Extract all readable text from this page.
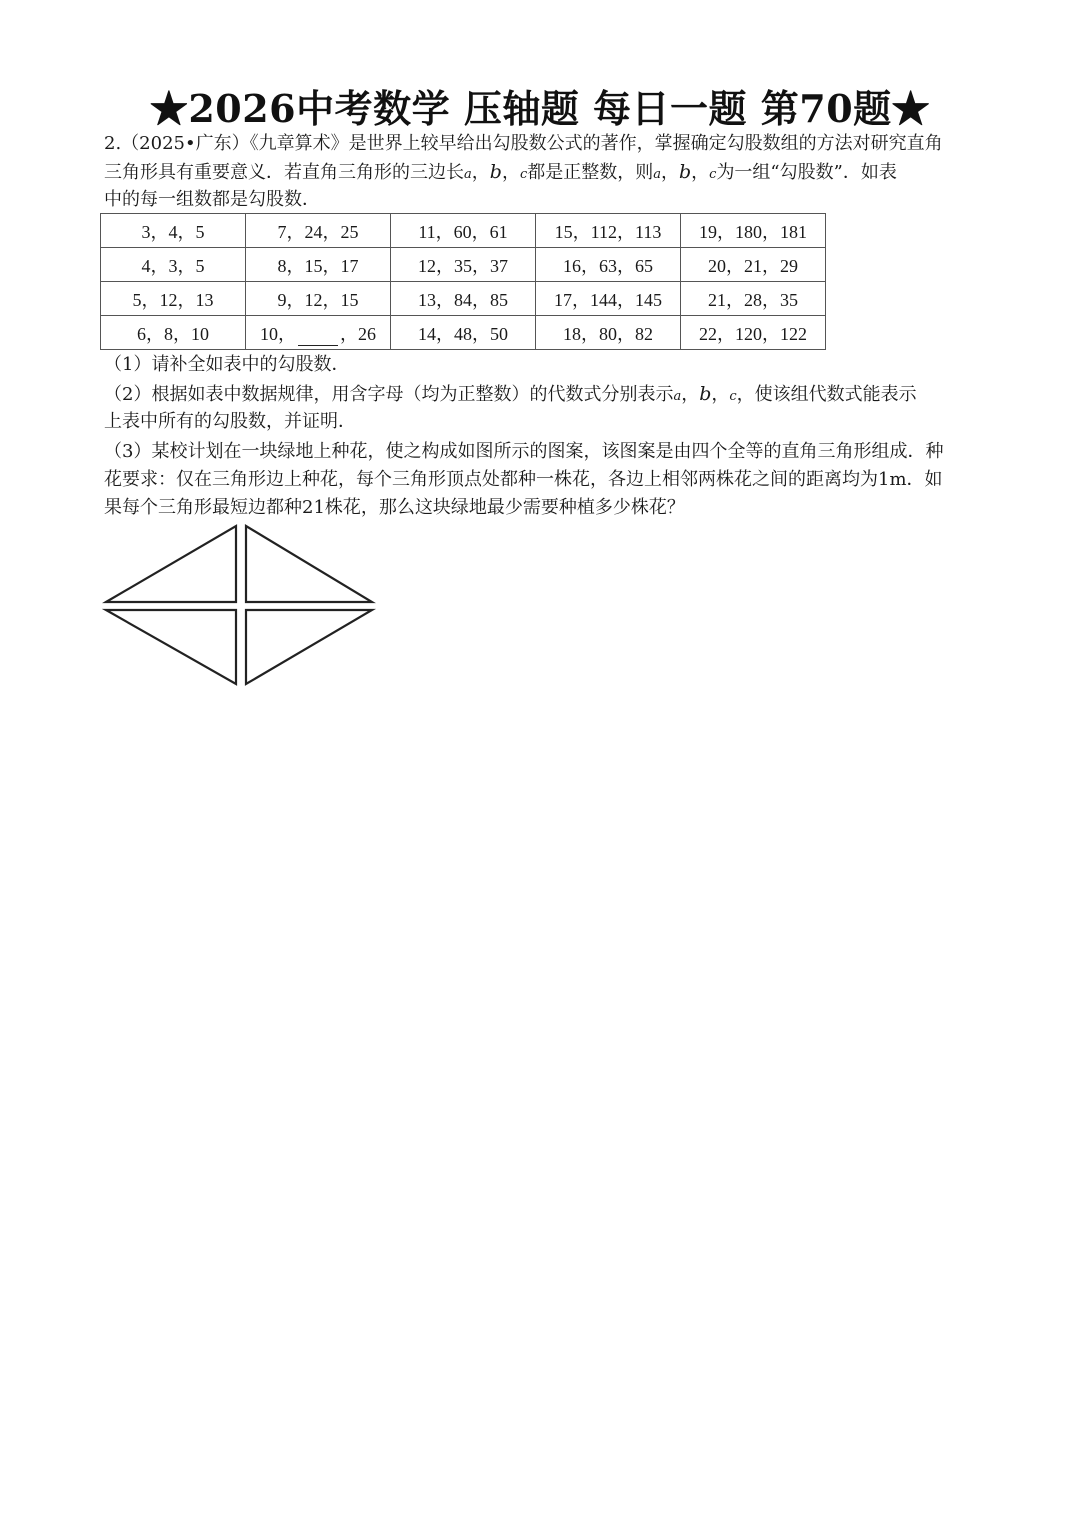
★2026中考数学 压轴题 每日一题 第70题★
2.（2025•广东）《九章算术》是世界上较早给出勾股数公式的著作，掌握确定勾股数组的方法对研究直角
三角形具有重要意义．若直角三角形的三边长a，b，c都是正整数，则a，b，c为一组“勾股数”．如表
中的每一组数都是勾股数．
3，4，5	7，24，25	11，60，61	15，112，113	19，180，181
4，3，5	8，15，17	12，35，37	16，63，65	20，21，29
5，12，13	9，12，15	13，84，85	17，144，145	21，28，35
6，8，10	10， ，26	14，48，50	18，80，82	22，120，122
（1）请补全如表中的勾股数．
（2）根据如表中数据规律，用含字母（均为正整数）的代数式分别表示a，b，c，使该组代数式能表示
上表中所有的勾股数，并证明．
（3）某校计划在一块绿地上种花，使之构成如图所示的图案，该图案是由四个全等的直角三角形组成．种
花要求：仅在三角形边上种花，每个三角形顶点处都种一株花，各边上相邻两株花之间的距离均为1m．如
果每个三角形最短边都种21株花，那么这块绿地最少需要种植多少株花？
